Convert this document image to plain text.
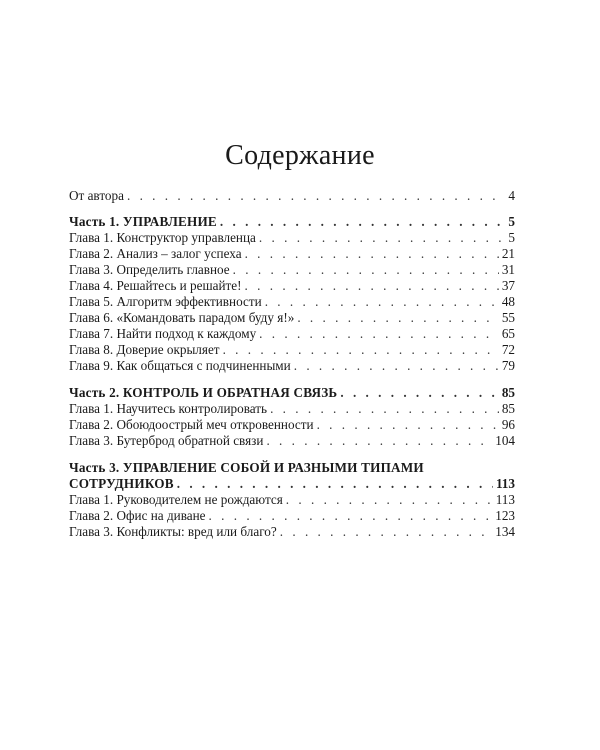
Содержание
От автора . . .	4
Часть 1. УПРАВЛЕНИЕ . . .	5
Глава 1. Конструктор управленца . . .	5
Глава 2. Анализ – залог успеха . . .	21
Глава 3. Определить главное . . .	31
Глава 4. Решайтесь и решайте! . . .	37
Глава 5. Алгоритм эффективности . . .	48
Глава 6. «Командовать парадом буду я!» . . .	55
Глава 7. Найти подход к каждому . . .	65
Глава 8. Доверие окрыляет . . .	72
Глава 9. Как общаться с подчиненными . . .	79
Часть 2. КОНТРОЛЬ И ОБРАТНАЯ СВЯЗЬ . . .	85
Глава 1. Научитесь контролировать . . .	85
Глава 2. Обоюдоострый меч откровенности . . .	96
Глава 3. Бутерброд обратной связи . . .	104
Часть 3. УПРАВЛЕНИЕ СОБОЙ И РАЗНЫМИ ТИПАМИ
СОТРУДНИКОВ . . .	113
Глава 1. Руководителем не рождаются . . .	113
Глава 2. Офис на диване . . .	123
Глава 3. Конфликты: вред или благо? . . .	134
